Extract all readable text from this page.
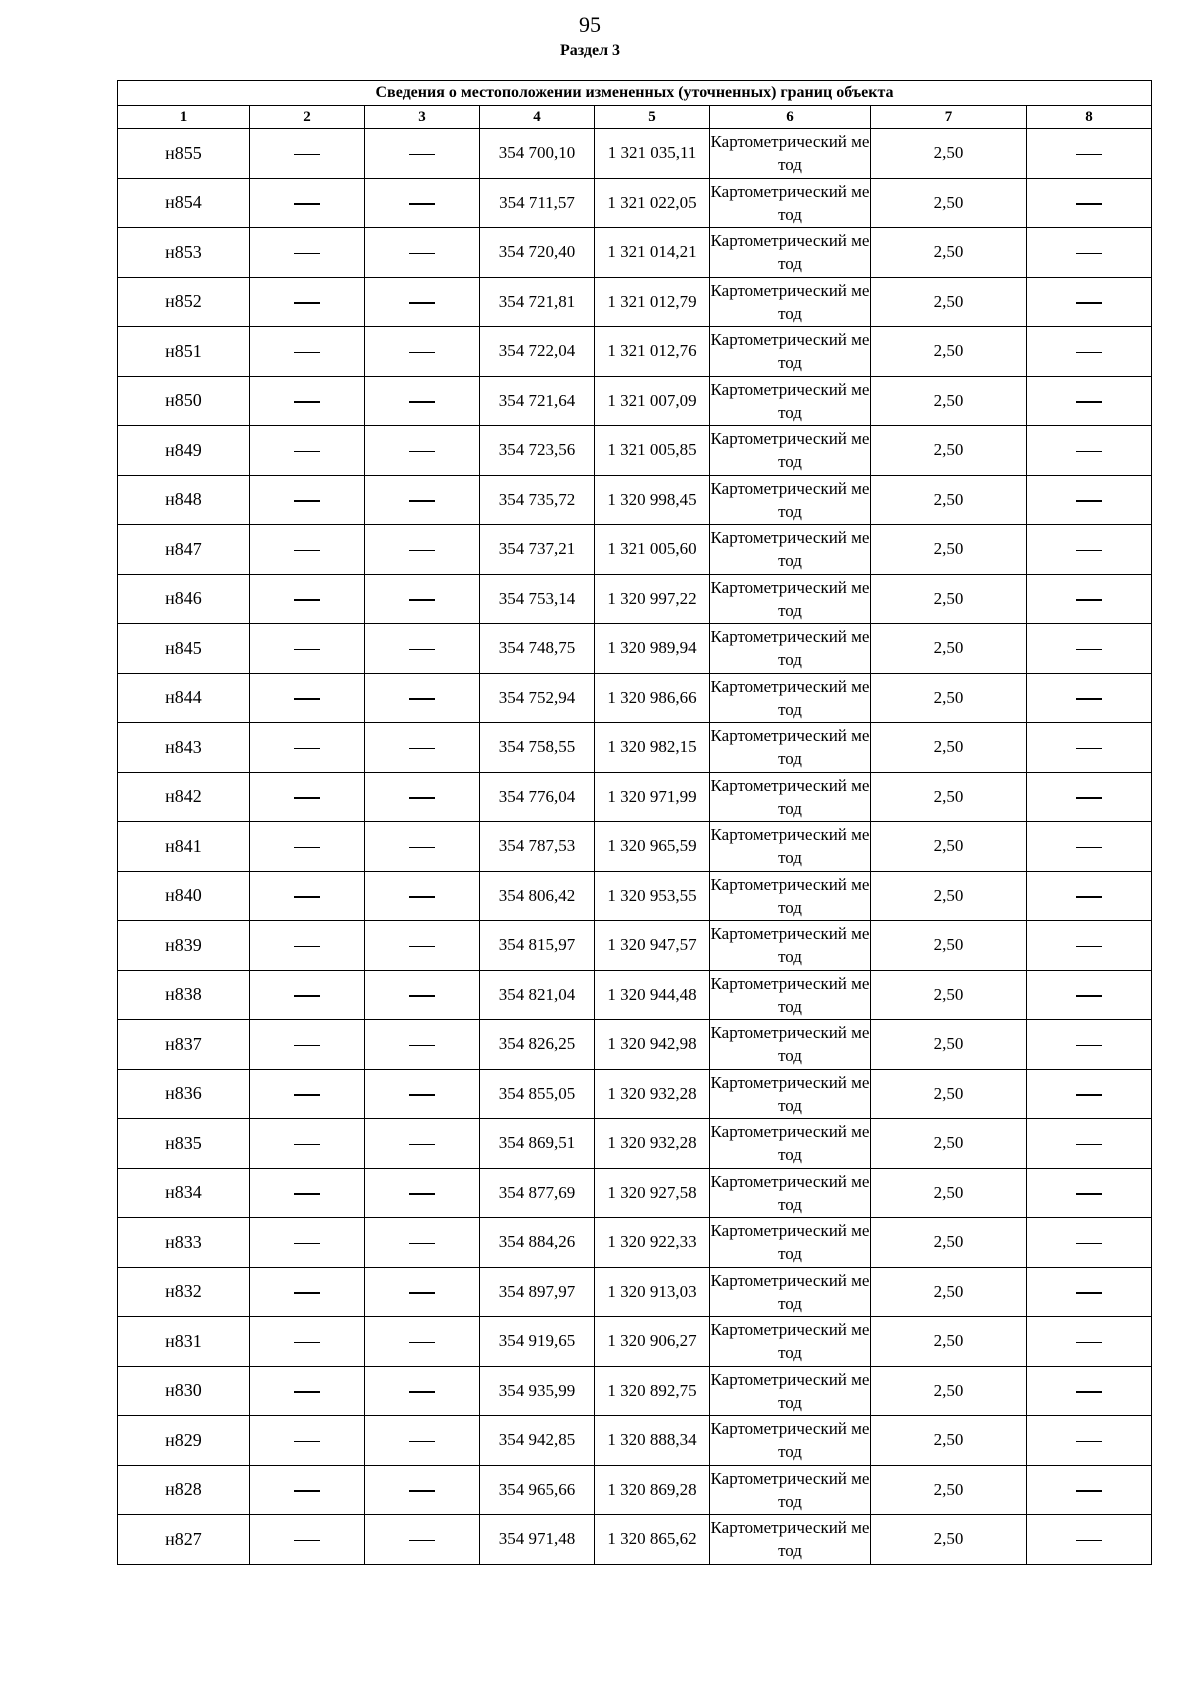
95
Раздел 3
Сведения о местоположении измененных (уточненных) границ объекта							
1	2	3	4	5	6	7	8
н855			354 700,10	1 321 035,11	Картометрический метод	2,50	
н854			354 711,57	1 321 022,05	Картометрический метод	2,50	
н853			354 720,40	1 321 014,21	Картометрический метод	2,50	
н852			354 721,81	1 321 012,79	Картометрический метод	2,50	
н851			354 722,04	1 321 012,76	Картометрический метод	2,50	
н850			354 721,64	1 321 007,09	Картометрический метод	2,50	
н849			354 723,56	1 321 005,85	Картометрический метод	2,50	
н848			354 735,72	1 320 998,45	Картометрический метод	2,50	
н847			354 737,21	1 321 005,60	Картометрический метод	2,50	
н846			354 753,14	1 320 997,22	Картометрический метод	2,50	
н845			354 748,75	1 320 989,94	Картометрический метод	2,50	
н844			354 752,94	1 320 986,66	Картометрический метод	2,50	
н843			354 758,55	1 320 982,15	Картометрический метод	2,50	
н842			354 776,04	1 320 971,99	Картометрический метод	2,50	
н841			354 787,53	1 320 965,59	Картометрический метод	2,50	
н840			354 806,42	1 320 953,55	Картометрический метод	2,50	
н839			354 815,97	1 320 947,57	Картометрический метод	2,50	
н838			354 821,04	1 320 944,48	Картометрический метод	2,50	
н837			354 826,25	1 320 942,98	Картометрический метод	2,50	
н836			354 855,05	1 320 932,28	Картометрический метод	2,50	
н835			354 869,51	1 320 932,28	Картометрический метод	2,50	
н834			354 877,69	1 320 927,58	Картометрический метод	2,50	
н833			354 884,26	1 320 922,33	Картометрический метод	2,50	
н832			354 897,97	1 320 913,03	Картометрический метод	2,50	
н831			354 919,65	1 320 906,27	Картометрический метод	2,50	
н830			354 935,99	1 320 892,75	Картометрический метод	2,50	
н829			354 942,85	1 320 888,34	Картометрический метод	2,50	
н828			354 965,66	1 320 869,28	Картометрический метод	2,50	
н827			354 971,48	1 320 865,62	Картометрический метод	2,50	
